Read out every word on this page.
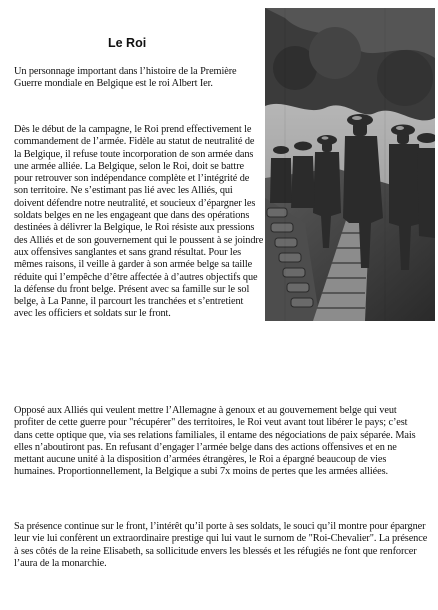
Le Roi

Un personnage important dans l’histoire de la Première Guerre mondiale en Belgique est le roi Albert Ier.

Dès le début de la campagne, le Roi prend effectivement le commandement de l’armée. Fidèle au statut de neutralité de la Belgique, il refuse toute incorporation de son armée dans une armée alliée. La Belgique, selon le Roi, doit se battre pour retrouver son indépendance complète et l’intégrité de son territoire. Ne s’estimant pas lié avec les Alliés, qui doivent défendre notre neutralité, et soucieux d’épargner les soldats belges en ne les engageant que dans des opérations destinées à délivrer la Belgique, le Roi résiste aux pressions des Alliés et de son gouvernement qui le poussent à se joindre aux offensives sanglantes et sans grand résultat. Pour les mêmes raisons, il veille à garder à son armée belge sa taille réduite qui l’empêche d’être affectée à d’autres objectifs que la défense du front belge. Présent avec sa famille sur le sol belge, à La Panne, il parcourt les tranchées et s’entretient avec les officiers et soldats sur le front.

Opposé aux Alliés qui veulent mettre l’Allemagne à genoux et au gouvernement belge qui veut profiter de cette guerre pour "récupérer" des territoires, le Roi veut avant tout libérer le pays; c’est dans cette optique que, via ses relations familiales, il entame des négociations de paix séparée. Mais elles n’aboutiront pas. En refusant d’engager l’armée belge dans des actions offensives et en ne mettant aucune unité à la disposition d’armées étrangères, le Roi a épargné beaucoup de vies humaines. Proportionnellement, la Belgique a subi 7x moins de pertes que les armées alliées.

Sa présence continue sur le front, l’intérêt qu’il porte à ses soldats, le souci qu’il montre pour épargner leur vie lui confèrent un extraordinaire prestige qui lui vaut le surnom de "Roi-Chevalier". La présence à ses côtés de la reine Elisabeth, sa sollicitude envers les blessés et les réfugiés ne font que renforcer l’aura de la monarchie.
